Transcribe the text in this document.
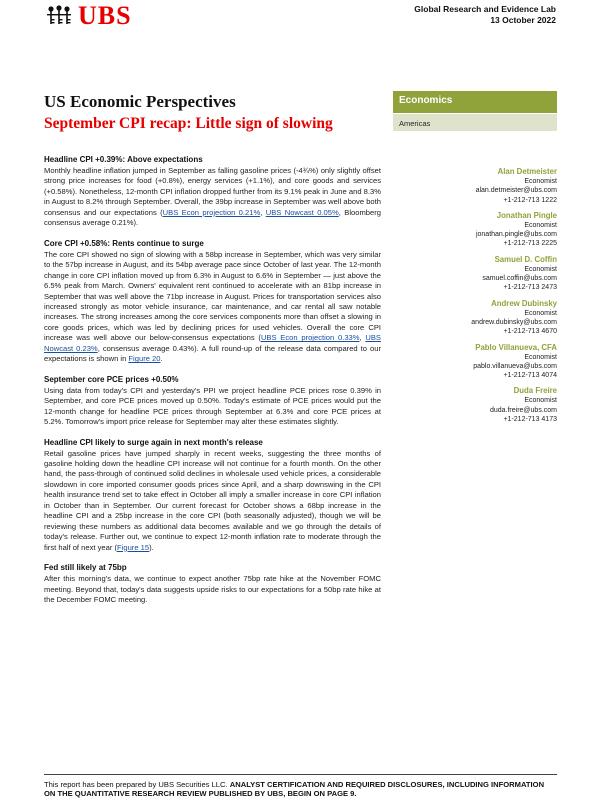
UBS	Global Research and Evidence Lab
13 October 2022
US Economic Perspectives
September CPI recap: Little sign of slowing
Headline CPI +0.39%: Above expectations

Monthly headline inflation jumped in September as falling gasoline prices (-4¾%) only slightly offset strong price increases for food (+0.8%), energy services (+1.1%), and core goods and services (+0.58%). Nonetheless, 12-month CPI inflation dropped further from its 9.1% peak in June and 8.3% in August to 8.2% through September. Overall, the 39bp increase in September was well above both consensus and our expectations (UBS Econ projection 0.21%, UBS Nowcast 0.05%, Bloomberg consensus average 0.21%).

Core CPI +0.58%: Rents continue to surge

The core CPI showed no sign of slowing with a 58bp increase in September, which was very similar to the 57bp increase in August, and its 54bp average pace since October of last year. The 12-month change in core CPI inflation moved up from 6.3% in August to 6.6% in September — just above the 6.5% peak from March. Owners' equivalent rent continued to accelerate with an 81bp increase in September that was well above the 71bp increase in August. Prices for transportation services also increased strongly as motor vehicle insurance, car maintenance, and car rental all saw notable increases. The strong increases among the core services components more than offset a slowing in core goods prices, which was led by declining prices for used vehicles. Overall the core CPI increase was well above our below-consensus expectations (UBS Econ projection 0.33%, UBS Nowcast 0.23%, consensus average 0.43%). A full round-up of the release data compared to our expectations is shown in Figure 20.

September core PCE prices +0.50%

Using data from today's CPI and yesterday's PPI we project headline PCE prices rose 0.39% in September, and core PCE prices moved up 0.50%. Today's estimate of PCE prices would put the 12-month change for headline PCE prices through September at 6.3% and core PCE prices at 5.2%. Tomorrow's import price release for September may alter these estimates slightly.

Headline CPI likely to surge again in next month's release

Retail gasoline prices have jumped sharply in recent weeks, suggesting the three months of gasoline holding down the headline CPI increase will not continue for a fourth month. On the other hand, the pass-through of continued solid declines in wholesale used vehicle prices, a considerable slowdown in core imported consumer goods prices since April, and a sharp downswing in the CPI health insurance trend set to take effect in October all imply a smaller increase in core CPI inflation in October than in September. Our current forecast for October shows a 68bp increase in the headline CPI and a 25bp increase in the core CPI (both seasonally adjusted), though we will be reviewing these numbers as additional data becomes available and we go through the details of today's release. Further out, we continue to expect 12-month inflation rate to moderate through the first half of next year (Figure 15).

Fed still likely at 75bp

After this morning's data, we continue to expect another 75bp rate hike at the November FOMC meeting. Beyond that, today's data suggests upside risks to our expectations for a 50bp rate hike at the December FOMC meeting.

Economics
Americas
Alan Detmeister
Economist
alan.detmeister@ubs.com
+1-212-713 1222
Jonathan Pingle
Economist
jonathan.pingle@ubs.com
+1-212-713 2225
Samuel D. Coffin
Economist
samuel.coffin@ubs.com
+1-212-713 2473
Andrew Dubinsky
Economist
andrew.dubinsky@ubs.com
+1-212-713 4670
Pablo Villanueva, CFA
Economist
pablo.villanueva@ubs.com
+1-212-713 4074
Duda Freire
Economist
duda.freire@ubs.com
+1-212-713 4173
This report has been prepared by UBS Securities LLC. ANALYST CERTIFICATION AND REQUIRED DISCLOSURES, INCLUDING INFORMATION ON THE QUANTITATIVE RESEARCH REVIEW PUBLISHED BY UBS, BEGIN ON PAGE 9.
